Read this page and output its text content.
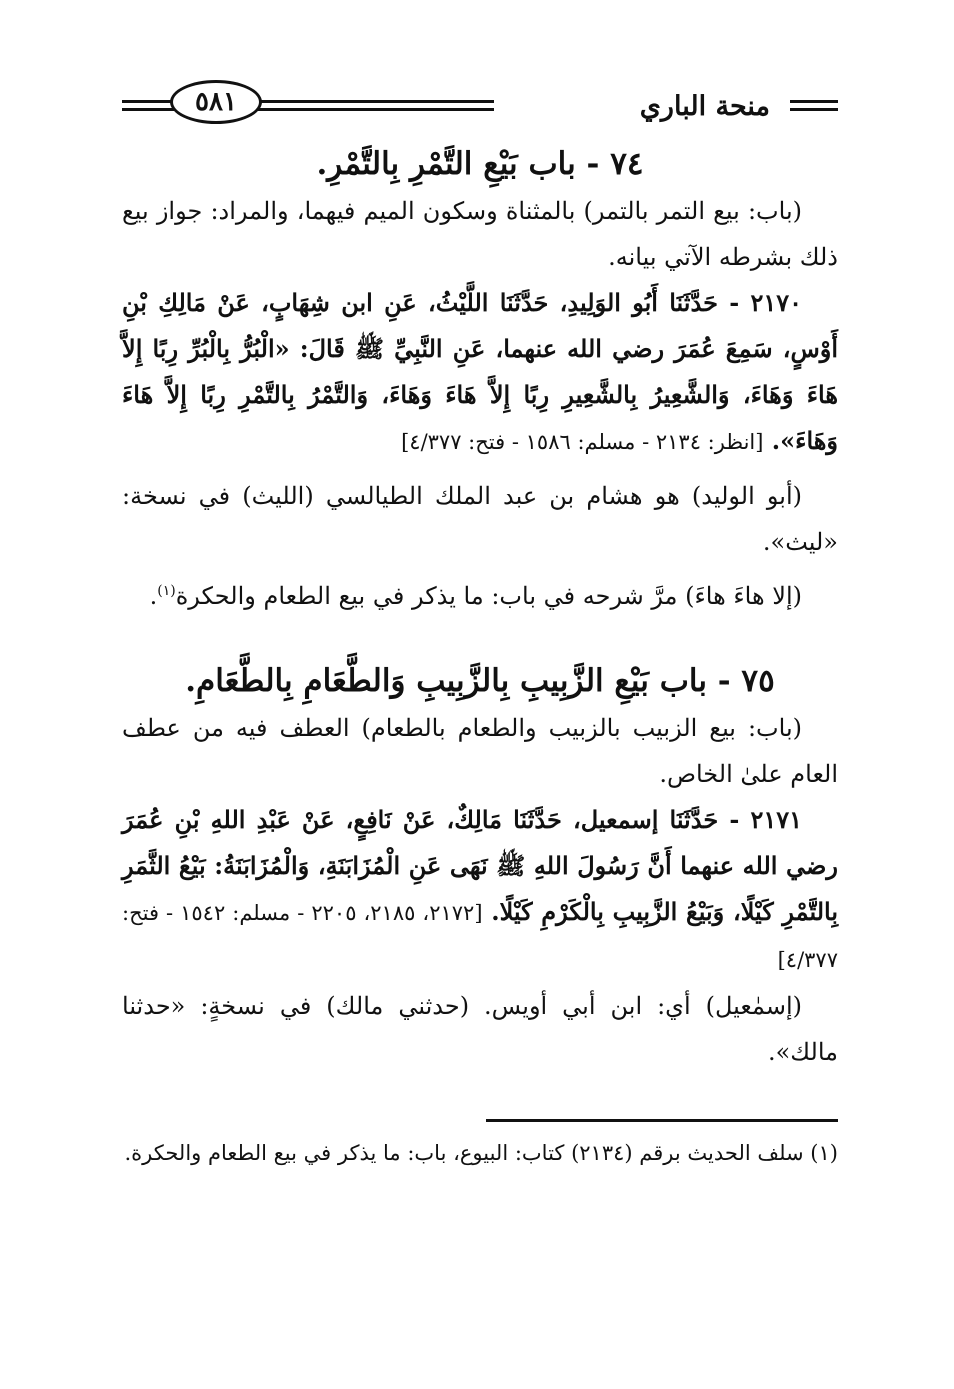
منحة الباري
٥٨١
٧٤ - باب بَيْعِ التَّمْرِ بِالتَّمْرِ.

(باب: بيع التمر بالتمر) بالمثناة وسكون الميم فيهما، والمراد: جواز بيع ذلك بشرطه الآتي بيانه.

٢١٧٠ - حَدَّثَنَا أَبُو الوَلِيدِ، حَدَّثَنَا اللَّيْثُ، عَنِ ابن شِهَابٍ، عَنْ مَالِكِ بْنِ أَوْسٍ، سَمِعَ عُمَرَ رضي الله عنهما، عَنِ النَّبِيِّ ﷺ قَالَ: «الْبُرُّ بِالْبُرِّ رِبًا إِلاَّ هَاءَ وَهَاءَ، وَالشَّعِيرُ بِالشَّعِيرِ رِبًا إِلاَّ هَاءَ وَهَاءَ، وَالتَّمْرُ بِالتَّمْرِ رِبًا إِلاَّ هَاءَ وَهَاءَ». [انظر: ٢١٣٤ - مسلم: ١٥٨٦ - فتح: ٤/٣٧٧]

(أبو الوليد) هو هشام بن عبد الملك الطيالسي (الليث) في نسخة: «ليث».

(إلا هاءَ هاءَ) مرَّ شرحه في باب: ما يذكر في بيع الطعام والحكرة$^{(١)}$.

٧٥ - باب بَيْعِ الزَّبِيبِ بِالزَّبِيبِ وَالطَّعَامِ بِالطَّعَامِ.

(باب: بيع الزبيب بالزبيب والطعام بالطعام) العطف فيه من عطف العام علىٰ الخاص.

٢١٧١ - حَدَّثَنَا إسمعيل، حَدَّثَنَا مَالِكٌ، عَنْ نَافِعٍ، عَنْ عَبْدِ اللهِ بْنِ عُمَرَ رضي الله عنهما أَنَّ رَسُولَ اللهِ ﷺ نَهَى عَنِ الْمُزَابَنَةِ، وَالْمُزَابَنَةُ: بَيْعُ الثَّمَرِ بِالتَّمْرِ كَيْلًا، وَبَيْعُ الزَّبِيبِ بِالْكَرْمِ كَيْلًا. [٢١٧٢، ٢١٨٥، ٢٢٠٥ - مسلم: ١٥٤٢ - فتح: ٤/٣٧٧]

(إسمٰعيل) أي: ابن أبي أويس. (حدثني مالك) في نسخةٍ: «حدثنا مالك».

(١) سلف الحديث برقم (٢١٣٤) كتاب: البيوع، باب: ما يذكر في بيع الطعام والحكرة.
